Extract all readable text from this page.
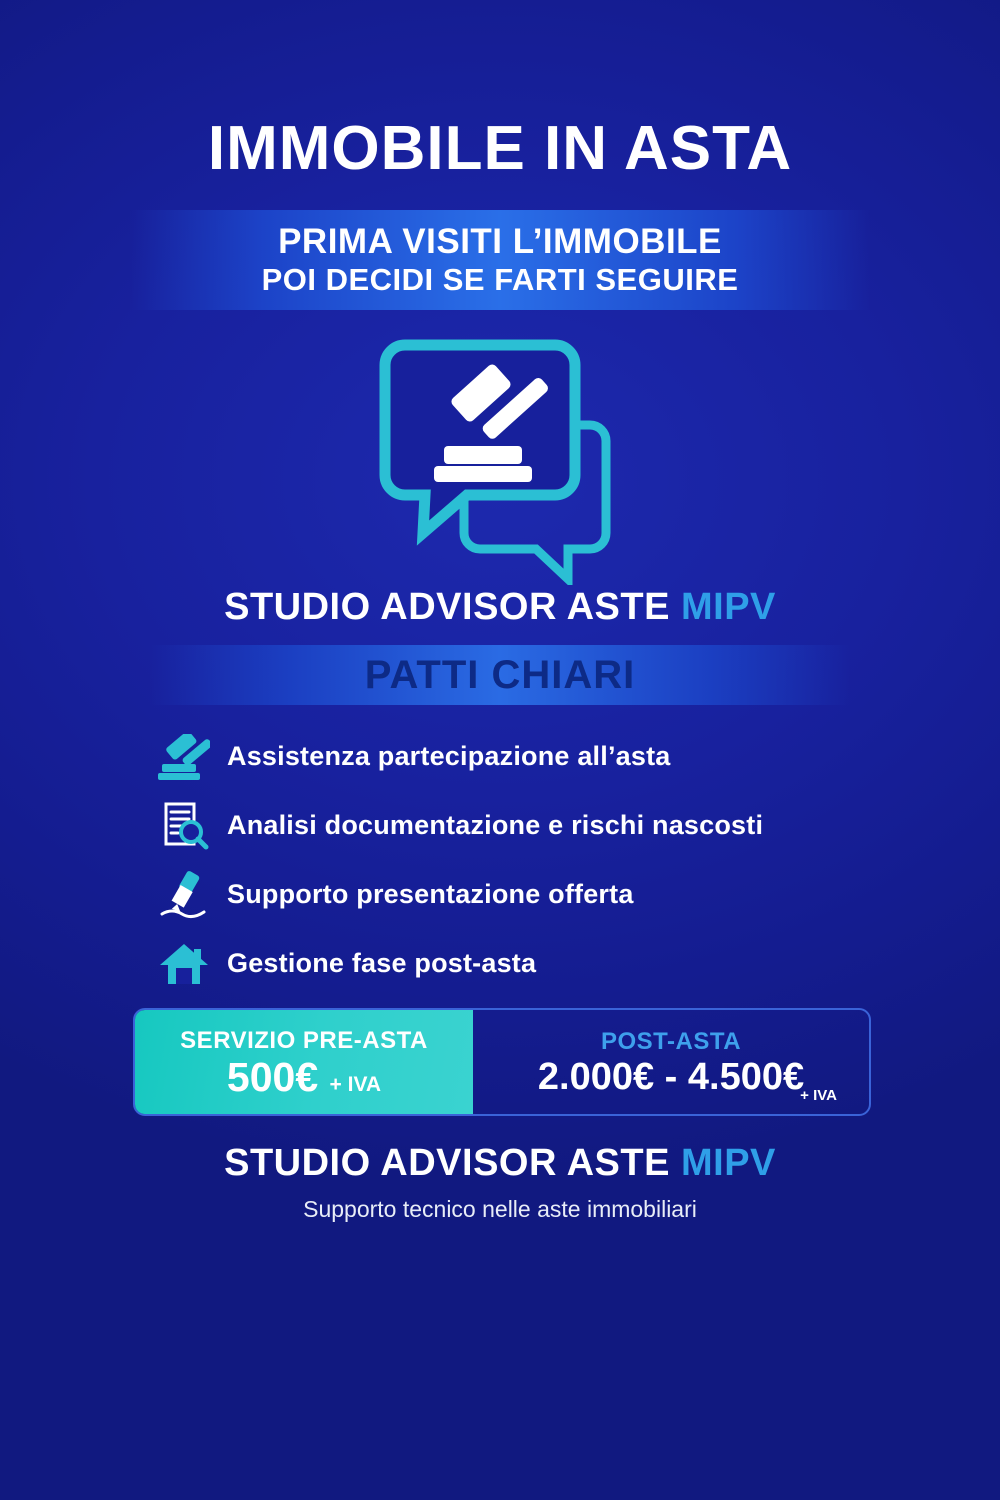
IMMOBILE IN ASTA
PRIMA VISITI L’IMMOBILE
POI DECIDI SE FARTI SEGUIRE
STUDIO ADVISOR ASTE MIPV
PATTI CHIARI
Assistenza partecipazione all’asta
Analisi documentazione e rischi nascosti
Supporto presentazione offerta
Gestione fase post-asta
SERVIZIO PRE-ASTA
500€ + IVA
POST-ASTA
2.000€ - 4.500€
+ IVA
STUDIO ADVISOR ASTE MIPV
Supporto tecnico nelle aste immobiliari
